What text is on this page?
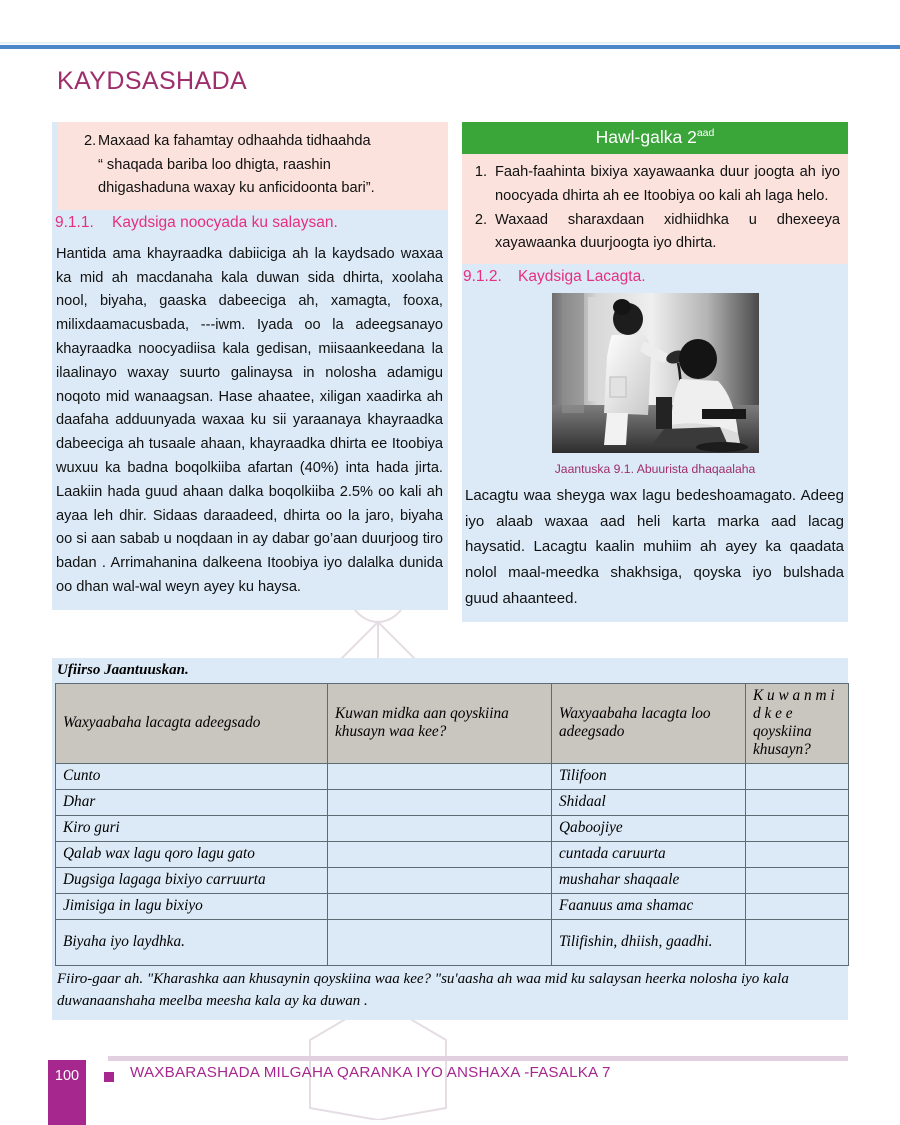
KAYDSASHADA
2. Maxaad ka fahamtay odhaahda tidhaahda
“ shaqada bariba loo dhigta, raashin
dhigashaduna waxay ku anficidoonta bari”.
9.1.1.	Kaydsiga noocyada ku salaysan.
Hantida ama khayraadka dabiiciga ah la kaydsado waxaa ka mid ah macdanaha kala duwan sida dhirta, xoolaha nool, biyaha, gaaska dabeeciga ah, xamagta, fooxa, milixdaamacusbada, ---iwm. Iyada oo la adeegsanayo khayraadka noocyadiisa kala gedisan, miisaankeedana la ilaalinayo waxay suurto galinaysa in nolosha adamigu noqoto mid wanaagsan. Hase ahaatee, xiligan xaadirka ah daafaha adduunyada waxaa ku sii yaraanaya khayraadka dabeeciga ah tusaale ahaan, khayraadka dhirta ee Itoobiya wuxuu ka badna boqolkiiba afartan (40%) inta hada jirta. Laakiin hada guud ahaan dalka boqolkiiba 2.5% oo kali ah ayaa leh dhir. Sidaas daraadeed, dhirta oo la jaro, biyaha oo si aan sabab u noqdaan in ay dabar go’aan duurjoog tiro badan . Arrimahanina dalkeena Itoobiya iyo dalalka dunida oo dhan wal-wal weyn ayey ku haysa.
Hawl-galka $2^{aad}$
1. Faah-faahinta bixiya xayawaanka duur joogta ah iyo noocyada dhirta ah ee Itoobiya oo kali ah laga helo.
2. Waxaad sharaxdaan xidhiidhka u dhexeeya xayawaanka duurjoogta iyo dhirta.
9.1.2.	Kaydsiga Lacagta.
Jaantuska 9.1. Abuurista dhaqaalaha
Lacagtu waa sheyga wax lagu bedeshoamagato. Adeeg iyo alaab waxaa aad heli karta marka aad lacag haysatid. Lacagtu kaalin muhiim ah ayey ka qaadata nolol maal-meedka shakhsiga, qoyska iyo bulshada guud ahaanteed.
Ufiirso Jaantuuskan.
Waxyaabaha lacagta adeegsado	Kuwan midka aan qoyskiina khusayn waa kee?	Waxyaabaha lacagta loo adeegsado	K u w a n m i d k e e qoyskiina khusayn?
Cunto		Tilifoon	
Dhar		Shidaal	
Kiro guri		Qaboojiye	
Qalab wax lagu qoro lagu gato		cuntada caruurta	
Dugsiga lagaga bixiyo carruurta		mushahar shaqaale	
Jimisiga in lagu bixiyo		Faanuus ama shamac	
Biyaha iyo laydhka.		Tilifishin, dhiish, gaadhi.	
Fiiro-gaar ah. "Kharashka aan khusaynin qoyskiina waa kee? "su'aasha ah waa mid ku salaysan heerka nolosha iyo kala duwanaanshaha meelba meesha kala ay ka duwan .
100	WAXBARASHADA MILGAHA QARANKA IYO ANSHAXA -FASALKA 7
